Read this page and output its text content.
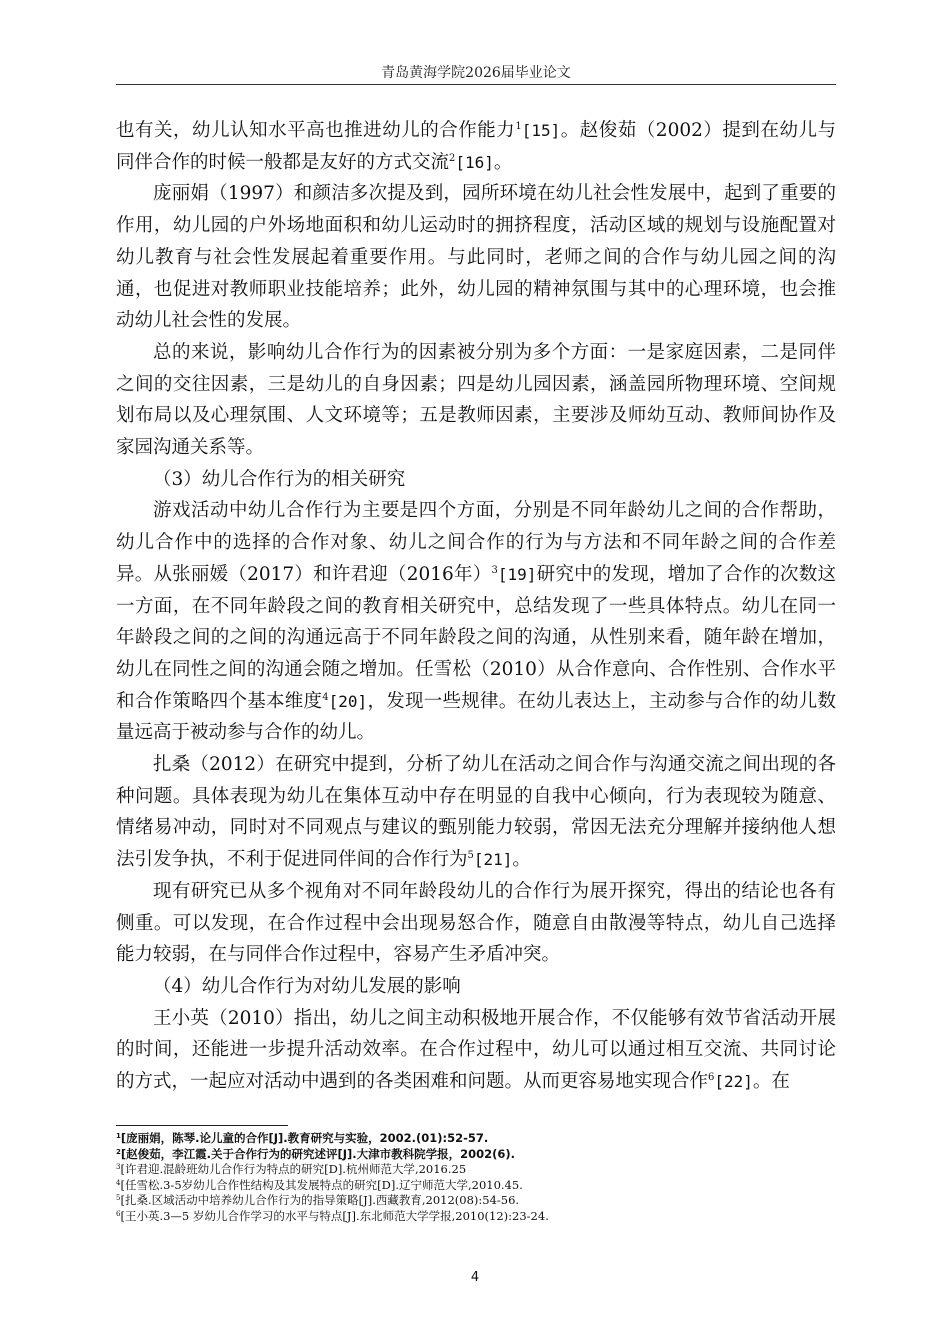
青岛黄海学院2026届毕业论文

也有关，幼儿认知水平高也推进幼儿的合作能力$^1$[15]。赵俊茹（2002）提到在幼儿与同伴合作的时候一般都是友好的方式交流$^2$[16]。

庞丽娟（1997）和颜洁多次提及到，园所环境在幼儿社会性发展中，起到了重要的作用，幼儿园的户外场地面积和幼儿运动时的拥挤程度，活动区域的规划与设施配置对幼儿教育与社会性发展起着重要作用。与此同时，老师之间的合作与幼儿园之间的沟通，也促进对教师职业技能培养；此外，幼儿园的精神氛围与其中的心理环境，也会推动幼儿社会性的发展。

总的来说，影响幼儿合作行为的因素被分别为多个方面：一是家庭因素，二是同伴之间的交往因素，三是幼儿的自身因素；四是幼儿园因素，涵盖园所物理环境、空间规划布局以及心理氛围、人文环境等；五是教师因素，主要涉及师幼互动、教师间协作及家园沟通关系等。

（3）幼儿合作行为的相关研究

游戏活动中幼儿合作行为主要是四个方面，分别是不同年龄幼儿之间的合作帮助，幼儿合作中的选择的合作对象、幼儿之间合作的行为与方法和不同年龄之间的合作差异。从张丽媛（2017）和许君迎（2016年）$^3$[19]研究中的发现，增加了合作的次数这一方面，在不同年龄段之间的教育相关研究中，总结发现了一些具体特点。幼儿在同一年龄段之间的之间的沟通远高于不同年龄段之间的沟通，从性别来看，随年龄在增加，幼儿在同性之间的沟通会随之增加。任雪松（2010）从合作意向、合作性别、合作水平和合作策略四个基本维度$^4$[20]，发现一些规律。在幼儿表达上，主动参与合作的幼儿数量远高于被动参与合作的幼儿。

扎桑（2012）在研究中提到，分析了幼儿在活动之间合作与沟通交流之间出现的各种问题。具体表现为幼儿在集体互动中存在明显的自我中心倾向，行为表现较为随意、情绪易冲动，同时对不同观点与建议的甄别能力较弱，常因无法充分理解并接纳他人想法引发争执，不利于促进同伴间的合作行为$^5$[21]。

现有研究已从多个视角对不同年龄段幼儿的合作行为展开探究，得出的结论也各有侧重。可以发现，在合作过程中会出现易怒合作，随意自由散漫等特点，幼儿自己选择能力较弱，在与同伴合作过程中，容易产生矛盾冲突。

（4）幼儿合作行为对幼儿发展的影响

王小英（2010）指出，幼儿之间主动积极地开展合作，不仅能够有效节省活动开展的时间，还能进一步提升活动效率。在合作过程中，幼儿可以通过相互交流、共同讨论的方式，一起应对活动中遇到的各类困难和问题。从而更容易地实现合作$^6$[22]。在

$^1$[庞丽娟，陈琴.论儿童的合作[J].教育研究与实验，2002.(01):52-57.
$^2$[赵俊茹，李江霞.关于合作行为的研究述评[J].大津市教科院学报，2002(6).
$^3$[许君迎.混龄班幼儿合作行为特点的研究[D].杭州师范大学,2016.25
$^4$[任雪松.3-5岁幼儿合作性结构及其发展特点的研究[D].辽宁师范大学,2010.45.
$^5$[扎桑.区域活动中培养幼儿合作行为的指导策略[J].西藏教育,2012(08):54-56.
$^6$[王小英.3—5 岁幼儿合作学习的水平与特点[J].东北师范大学学报,2010(12):23-24.
4
